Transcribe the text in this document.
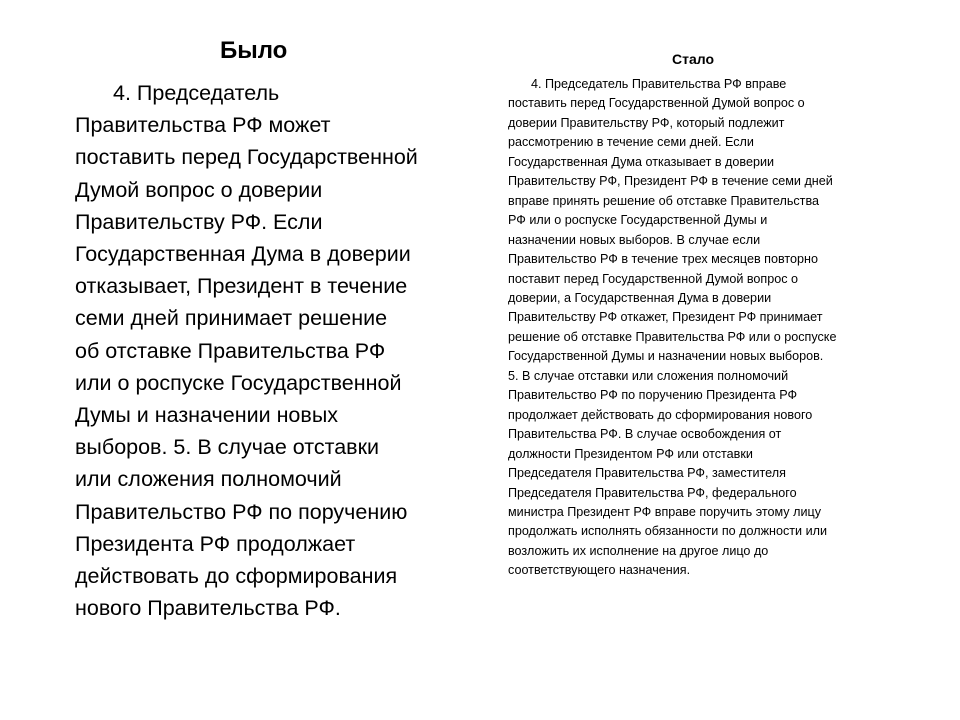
Было

4. Председатель
Правительства РФ может
поставить перед Государственной
Думой вопрос о доверии
Правительству РФ. Если
Государственная Дума в доверии
отказывает, Президент в течение
семи дней принимает решение
об отставке Правительства РФ
или о роспуске Государственной
Думы и назначении новых
выборов. 5. В случае отставки
или сложения полномочий
Правительство РФ по поручению
Президента РФ продолжает
действовать до сформирования
нового Правительства РФ.

Стало

4. Председатель Правительства РФ вправе
поставить перед Государственной Думой вопрос о
доверии Правительству РФ, который подлежит
рассмотрению в течение семи дней. Если
Государственная Дума отказывает в доверии
Правительству РФ, Президент РФ в течение семи дней
вправе принять решение об отставке Правительства
РФ или о роспуске Государственной Думы и
назначении новых выборов. В случае если
Правительство РФ в течение трех месяцев повторно
поставит перед Государственной Думой вопрос о
доверии, а Государственная Дума в доверии
Правительству РФ откажет, Президент РФ принимает
решение об отставке Правительства РФ или о роспуске
Государственной Думы и назначении новых выборов.
5. В случае отставки или сложения полномочий
Правительство РФ по поручению Президента РФ
продолжает действовать до сформирования нового
Правительства РФ. В случае освобождения от
должности Президентом РФ или отставки
Председателя Правительства РФ, заместителя
Председателя Правительства РФ, федерального
министра Президент РФ вправе поручить этому лицу
продолжать исполнять обязанности по должности или
возложить их исполнение на другое лицо до
соответствующего назначения.
